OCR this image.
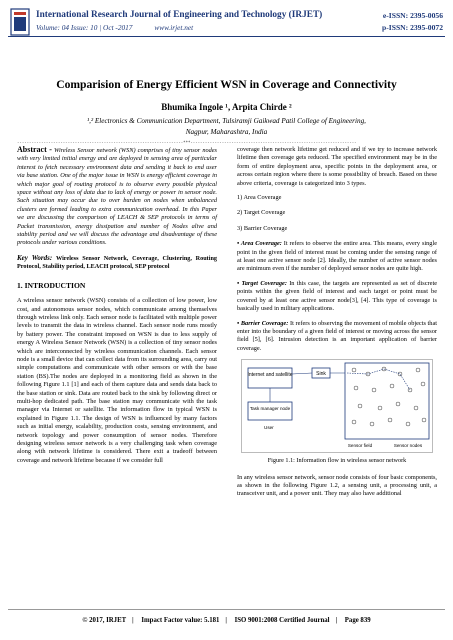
International Research Journal of Engineering and Technology (IRJET)
Volume: 04 Issue: 10 | Oct -2017	www.irjet.net
e-ISSN: 2395-0056
p-ISSN: 2395-0072
Comparision of Energy Efficient WSN in Coverage and Connectivity
Bhumika Ingole ¹, Arpita Chirde ²
¹,² Electronics & Communication Department, Tulsiramji Gaikwad Patil College of Engineering,
Nagpur, Maharashtra, India
---------------------------------------------------------------------***---------------------------------------------------------------------

Abstract - Wireless Sensor network (WSN) comprises of tiny sensor nodes with very limited initial energy and are deployed in sensing area of particular interest to fetch necessary environment data and sending it back to end user via base station. One of the major issue in WSN is energy efficient coverage in which major goal of routing protocol is to observe every possible physical space without any loss of data due to lack of energy or power in sensor node. Such situation may occur due to over burden on nodes when unbalanced clusters are formed leading to extra communication overhead. In this Paper we are discussing the comparison of LEACH & SEP protocols in terms of Packet transmission, energy dissipation and number of Nodes alive and stability period and we will discuss the advantage and disadvantage of these protocols under various conditions.

Key Words: Wireless Sensor Network, Coverage, Clustering, Routing Protocol, Stability period, LEACH protocol, SEP protocol

1. INTRODUCTION

A wireless sensor network (WSN) consists of a collection of low power, low cost, and autonomous sensor nodes, which communicate among themselves through wireless link only. Each sensor node is facilitated with multiple power levels to transmit the data in wireless channel. Each sensor node runs mostly by battery power. The constraint imposed on WSN is due to less supply of energy A Wireless Sensor Network (WSN) is a collection of tiny sensor nodes which are interconnected by wireless communication channels. Each sensor node is a small device that can collect data from its surrounding area, carry out simple computations and communicate with other sensors or with the base station (BS).The nodes are deployed in a monitoring field as shown in the following Figure 1.1 [1] and each of them capture data and sends data back to the base station or sink. Data are routed back to the sink by following direct or multi-hop dedicated path. The base station may communicate with the task manager via Internet or satellite. The information flow in typical WSN is explained in Figure 1.1. The design of WSN is influenced by many factors such as initial energy, scalability, production costs, sensing environment, and network topology and power consumption of sensor nodes. Therefore designing wireless sensor network is a very challenging task when coverage along with network lifetime is considered. There exit a tradeoff between coverage and network lifetime because if we consider full

coverage then network lifetime get reduced and if we try to increase network lifetime then coverage gets reduced. The specified environment may be in the form of entire deployment area, specific points in the deployment area, or across certain region where there is some possibility of breach. Based on these above criteria, coverage is categorized into 3 types.

1) Area Coverage
2) Target Coverage
3) Barrier Coverage

• Area Coverage: It refers to observe the entire area. This means, every single point in the given field of interest must be coming under the sensing range of at least one active sensor node [2]. Ideally, the number of active sensor nodes are minimum even if the number of deployed sensor nodes are quite high.

• Target Coverage: In this case, the targets are represented as set of discrete points within the given field of interest and each target or point must be covered by at least one active sensor node[3], [4]. This type of coverage is basically used in military applications.

• Barrier Coverage: It refers to observing the movement of mobile objects that enter into the boundary of a given field of interest or moving across the sensor field [5], [6]. Intrusion detection is an important application of barrier coverage.

Internet and satellite	Sink
Task manager node
User
Sensor field	Sensor nodes
Figure 1.1: Information flow in wireless sensor network

In any wireless sensor network, sensor node consists of four basic components, as shown in the following Figure 1.2, a sensing unit, a processing unit, a transceiver unit, and a power unit. They may also have additional

© 2017, IRJET | Impact Factor value: 5.181 | ISO 9001:2008 Certified Journal | Page 839
